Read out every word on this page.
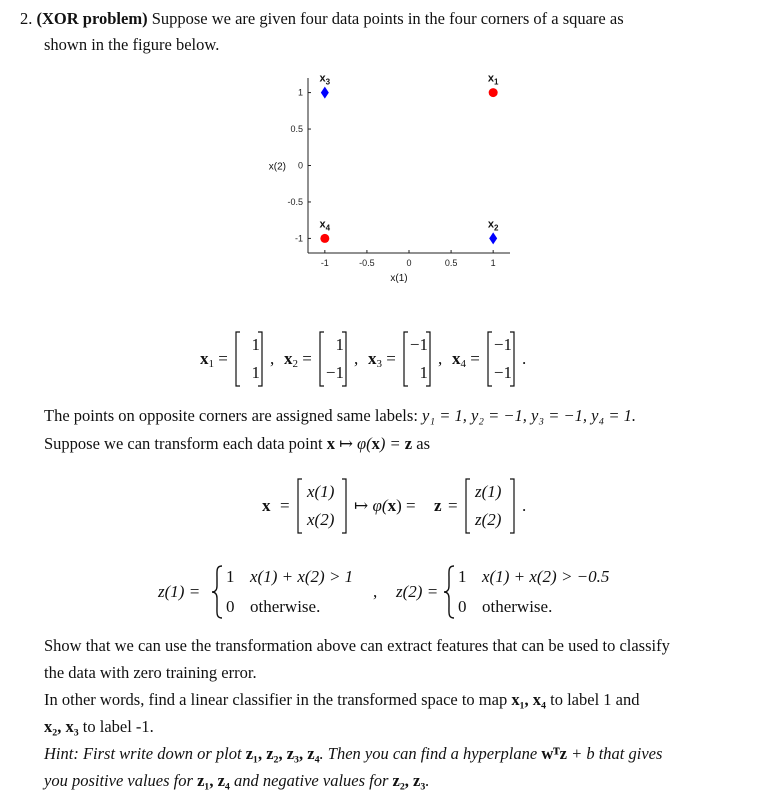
2. (XOR problem) Suppose we are given four data points in the four corners of a square as
shown in the figure below.
-1	-0.5	0	0.5	1
1
0.5
0
-0.5
-1
x(1)
x(2)
$x_3$	$x_1$
$x_4$	$x_2$
$x_1$ =
1
1
, $x_2$ =
1
−1
, $x_3$ =
−1
1
, $x_4$ =
−1
−1
.
The points on opposite corners are assigned same labels: y₁ = 1, y₂ = −1, y₃ = −1, y₄ = 1.
Suppose we can transform each data point x ↦ φ(x) = z as
x =
x(1)
x(2)
↦ φ(x) = z =
z(1)
z(2)
.
z(1) =
1 x(1) + x(2) > 1
0 otherwise.
, z(2) =
1 x(1) + x(2) > −0.5
0 otherwise.
Show that we can use the transformation above can extract features that can be used to classify
the data with zero training error.
In other words, find a linear classifier in the transformed space to map x₁, x₄ to label 1 and
x₂, x₃ to label -1.
Hint: First write down or plot z₁, z₂, z₃, z₄. Then you can find a hyperplane wᵀz + b that gives
you positive values for z₁, z₄ and negative values for z₂, z₃.
